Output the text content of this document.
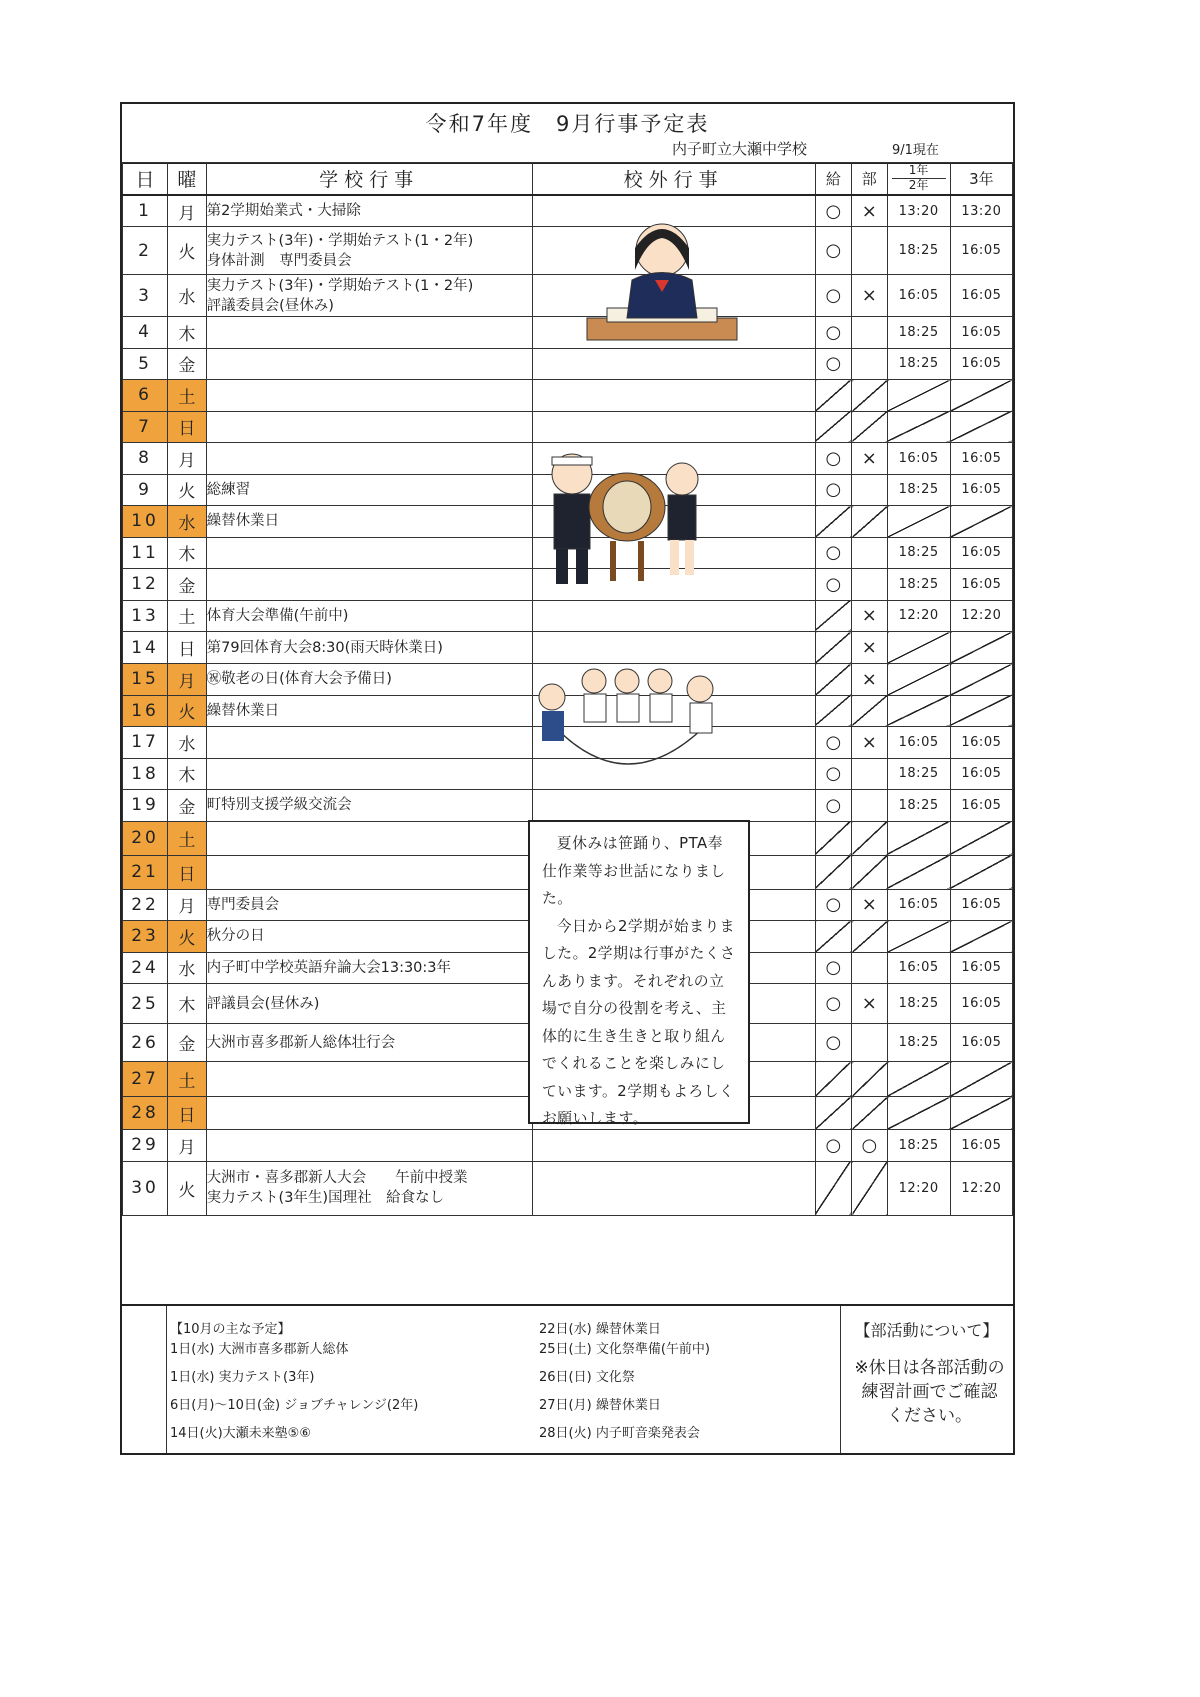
令和7年度　9月行事予定表
内子町立大瀬中学校	9/1現在
日	曜	学校行事	校外行事	給	部	1年
2年	3年
1	月	第2学期始業式・大掃除		○	×	13:20	13:20
2	火	実力テスト(3年)・学期始テスト(1・2年)
身体計測　専門委員会		○		18:25	16:05
3	水	実力テスト(3年)・学期始テスト(1・2年)
評議委員会(昼休み)		○	×	16:05	16:05
4	木			○		18:25	16:05
5	金			○		18:25	16:05
6	土	

7	日	

8	月			○	×	16:05	16:05
9	火	総練習		○		18:25	16:05
10	水	繰替休業日					

11	木			○		18:25	16:05
12	金			○		18:25	16:05
13	土	体育大会準備(午前中)			×	12:20	12:20
14	日	第79回体育大会8:30(雨天時休業日)			×		
15	月	㊗敬老の日(体育大会予備日)			×		
16	火	繰替休業日					

17	水			○	×	16:05	16:05
18	木			○		18:25	16:05
19	金	町特別支援学級交流会		○		18:25	16:05
20	土	

21	日	

22	月	専門委員会		○	×	16:05	16:05
23	火	秋分の日					

24	水	内子町中学校英語弁論大会13:30:3年		○		16:05	16:05
25	木	評議員会(昼休み)		○	×	18:25	16:05
26	金	大洲市喜多郡新人総体壮行会		○		18:25	16:05
27	土	

28	日	

29	月			○	○	18:25	16:05
30	火	大洲市・喜多郡新人大会　　午前中授業
実力テスト(3年生)国理社　給食なし				12:20	12:20

夏休みは笹踊り、PTA奉仕作業等お世話になりました。

今日から2学期が始まりました。2学期は行事がたくさんあります。それぞれの立場で自分の役割を考え、主体的に生き生きと取り組んでくれることを楽しみにしています。2学期もよろしくお願いします。

【10月の主な予定】
1日(水) 大洲市喜多郡新人総体
1日(水) 実力テスト(3年)
6日(月)～10日(金) ジョブチャレンジ(2年)
14日(火)大瀬未来塾⑤⑥
22日(水) 繰替休業日
25日(土) 文化祭準備(午前中)
26日(日) 文化祭
27日(月) 繰替休業日
28日(火) 内子町音楽発表会
【部活動について】
※休日は各部活動の練習計画でご確認ください。
